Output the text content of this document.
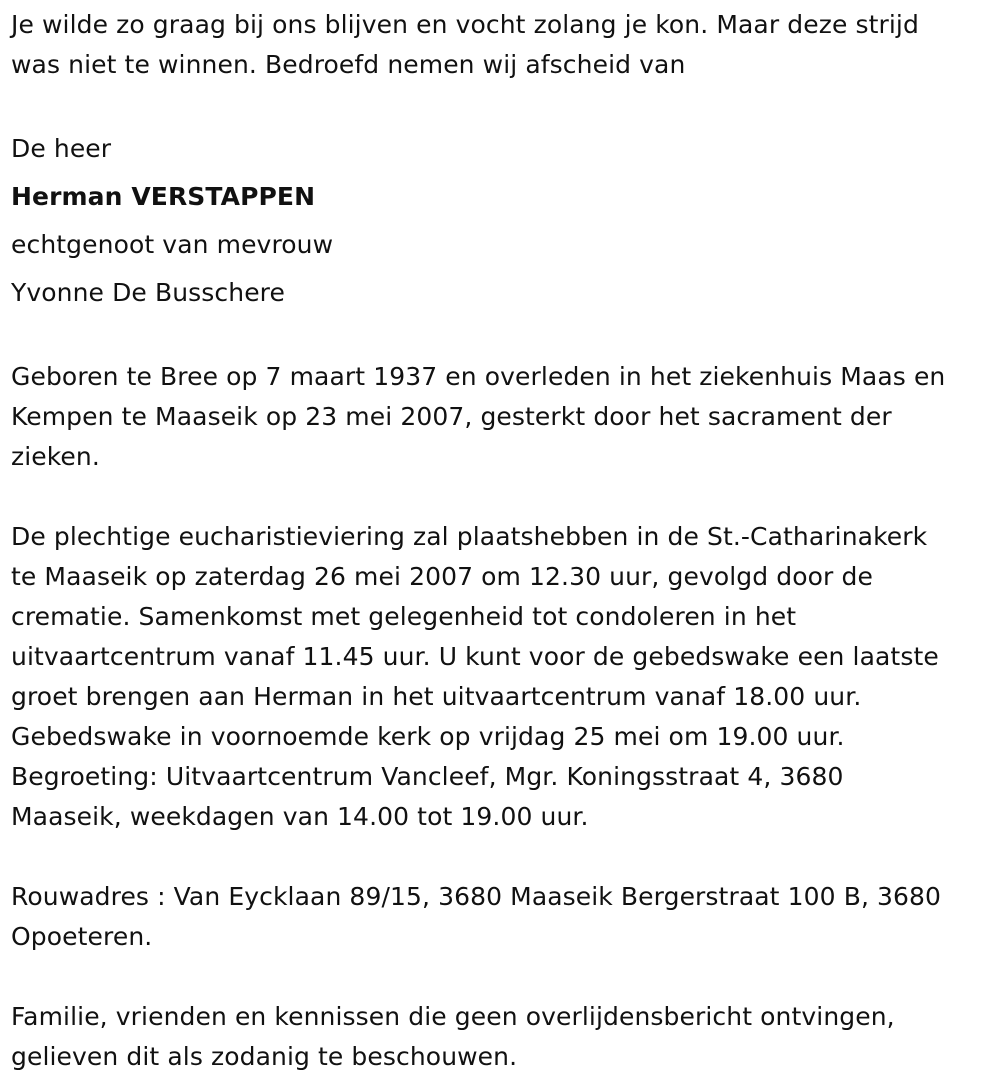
Je wilde zo graag bij ons blijven en vocht zolang je kon. Maar deze strijd

was niet te winnen. Bedroefd nemen wij afscheid van

De heer

Herman VERSTAPPEN

echtgenoot van mevrouw

Yvonne De Busschere

Geboren te Bree op 7 maart 1937 en overleden in het ziekenhuis Maas en

Kempen te Maaseik op 23 mei 2007, gesterkt door het sacrament der

zieken.

De plechtige eucharistieviering zal plaatshebben in de St.-Catharinakerk

te Maaseik op zaterdag 26 mei 2007 om 12.30 uur, gevolgd door de

crematie. Samenkomst met gelegenheid tot condoleren in het

uitvaartcentrum vanaf 11.45 uur. U kunt voor de gebedswake een laatste

groet brengen aan Herman in het uitvaartcentrum vanaf 18.00 uur.

Gebedswake in voornoemde kerk op vrijdag 25 mei om 19.00 uur.

Begroeting: Uitvaartcentrum Vancleef, Mgr. Koningsstraat 4, 3680

Maaseik, weekdagen van 14.00 tot 19.00 uur.

Rouwadres : Van Eycklaan 89/15, 3680 Maaseik Bergerstraat 100 B, 3680

Opoeteren.

Familie, vrienden en kennissen die geen overlijdensbericht ontvingen,

gelieven dit als zodanig te beschouwen.
